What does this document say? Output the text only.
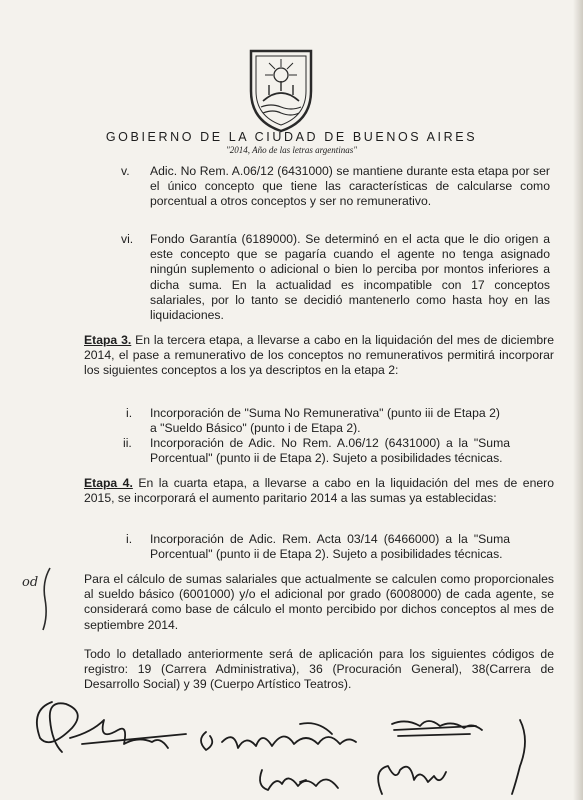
GOBIERNO DE LA CIUDAD DE BUENOS AIRES
"2014, Año de las letras argentinas"
v. Adic. No Rem. A.06/12 (6431000) se mantiene durante esta etapa por ser el único concepto que tiene las características de calcularse como porcentual a otros conceptos y ser no remunerativo.
vi. Fondo Garantía (6189000). Se determinó en el acta que le dio origen a este concepto que se pagaría cuando el agente no tenga asignado ningún suplemento o adicional o bien lo perciba por montos inferiores a dicha suma. En la actualidad es incompatible con 17 conceptos salariales, por lo tanto se decidió mantenerlo como hasta hoy en las liquidaciones.
Etapa 3. En la tercera etapa, a llevarse a cabo en la liquidación del mes de diciembre 2014, el pase a remunerativo de los conceptos no remunerativos permitirá incorporar los siguientes conceptos a los ya descriptos en la etapa 2:
i. Incorporación de "Suma No Remunerativa" (punto iii de Etapa 2) a "Sueldo Básico" (punto i de Etapa 2).
ii. Incorporación de Adic. No Rem. A.06/12 (6431000) a la "Suma Porcentual" (punto ii de Etapa 2). Sujeto a posibilidades técnicas.
Etapa 4. En la cuarta etapa, a llevarse a cabo en la liquidación del mes de enero 2015, se incorporará el aumento paritario 2014 a las sumas ya establecidas:
i. Incorporación de Adic. Rem. Acta 03/14 (6466000) a la "Suma Porcentual" (punto ii de Etapa 2). Sujeto a posibilidades técnicas.
od	Para el cálculo de sumas salariales que actualmente se calculen como proporcionales al sueldo básico (6001000) y/o el adicional por grado (6008000) de cada agente, se considerará como base de cálculo el monto percibido por dichos conceptos al mes de septiembre 2014.
Todo lo detallado anteriormente será de aplicación para los siguientes códigos de registro: 19 (Carrera Administrativa), 36 (Procuración General), 38(Carrera de Desarrollo Social) y 39 (Cuerpo Artístico Teatros).
